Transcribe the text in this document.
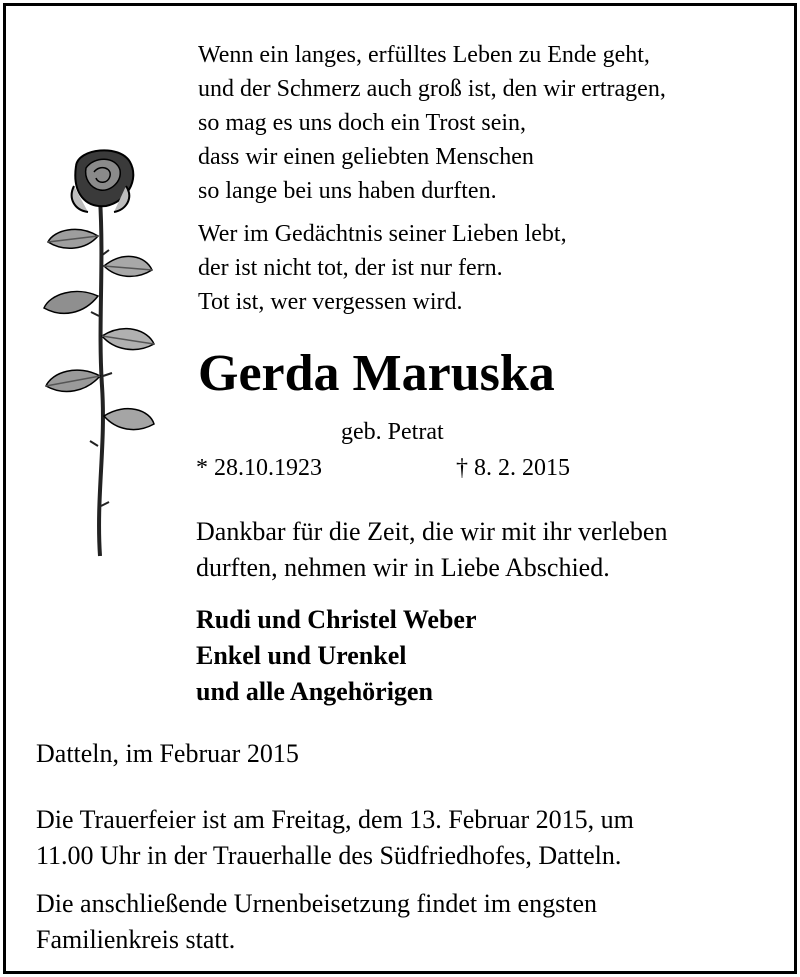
Wenn ein langes, erfülltes Leben zu Ende geht,
und der Schmerz auch groß ist, den wir ertragen,
so mag es uns doch ein Trost sein,
dass wir einen geliebten Menschen
so lange bei uns haben durften.
Wer im Gedächtnis seiner Lieben lebt,
der ist nicht tot, der ist nur fern.
Tot ist, wer vergessen wird.
Gerda Maruska
geb. Petrat
* 28.10.1923	† 8. 2. 2015
Dankbar für die Zeit, die wir mit ihr verleben
durften, nehmen wir in Liebe Abschied.
Rudi und Christel Weber
Enkel und Urenkel
und alle Angehörigen
Datteln, im Februar 2015
Die Trauerfeier ist am Freitag, dem 13. Februar 2015, um
11.00 Uhr in der Trauerhalle des Südfriedhofes, Datteln.
Die anschließende Urnenbeisetzung findet im engsten
Familienkreis statt.
